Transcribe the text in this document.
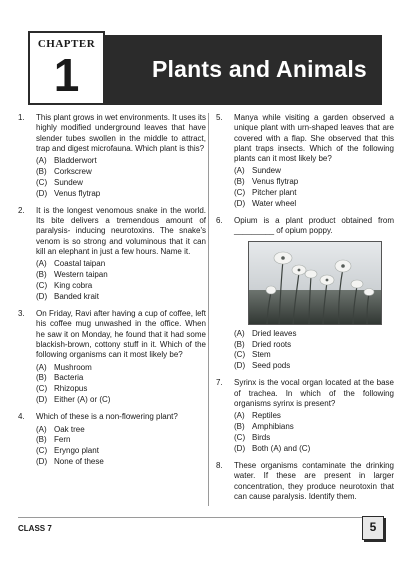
Plants and Animals
CHAPTER
1
1. This plant grows in wet environments. It uses its highly modified underground leaves that have slender tubes swollen in the middle to attract, trap and digest microfauna. Which plant is this?
(A) Bladderwort
(B) Corkscrew
(C) Sundew
(D) Venus flytrap
2. It is the longest venomous snake in the world. Its bite delivers a tremendous amount of paralysis- inducing neurotoxins. The snake's venom is so strong and voluminous that it can kill an elephant in just a few hours. Name it.
(A) Coastal taipan
(B) Western taipan
(C) King cobra
(D) Banded krait
3. On Friday, Ravi after having a cup of coffee, left his coffee mug unwashed in the office. When he saw it on Monday, he found that it had some blackish-brown, cottony stuff in it. Which of the following organisms can it most likely be?
(A) Mushroom
(B) Bacteria
(C) Rhizopus
(D) Either (A) or (C)
4. Which of these is a non-flowering plant?
(A) Oak tree
(B) Fern
(C) Eryngo plant
(D) None of these
5. Manya while visiting a garden observed a unique plant with urn-shaped leaves that are covered with a flap. She observed that this plant traps insects. Which of the following plants can it most likely be?
(A) Sundew
(B) Venus flytrap
(C) Pitcher plant
(D) Water wheel
6. Opium is a plant product obtained from _________ of opium poppy.
(A) Dried leaves
(B) Dried roots
(C) Stem
(D) Seed pods
7. Syrinx is the vocal organ located at the base of trachea. In which of the following organisms syrinx is present?
(A) Reptiles
(B) Amphibians
(C) Birds
(D) Both (A) and (C)
8. These organisms contaminate the drinking water. If these are present in larger concentration, they produce neurotoxin that can cause paralysis. Identify them.
CLASS 7	5
